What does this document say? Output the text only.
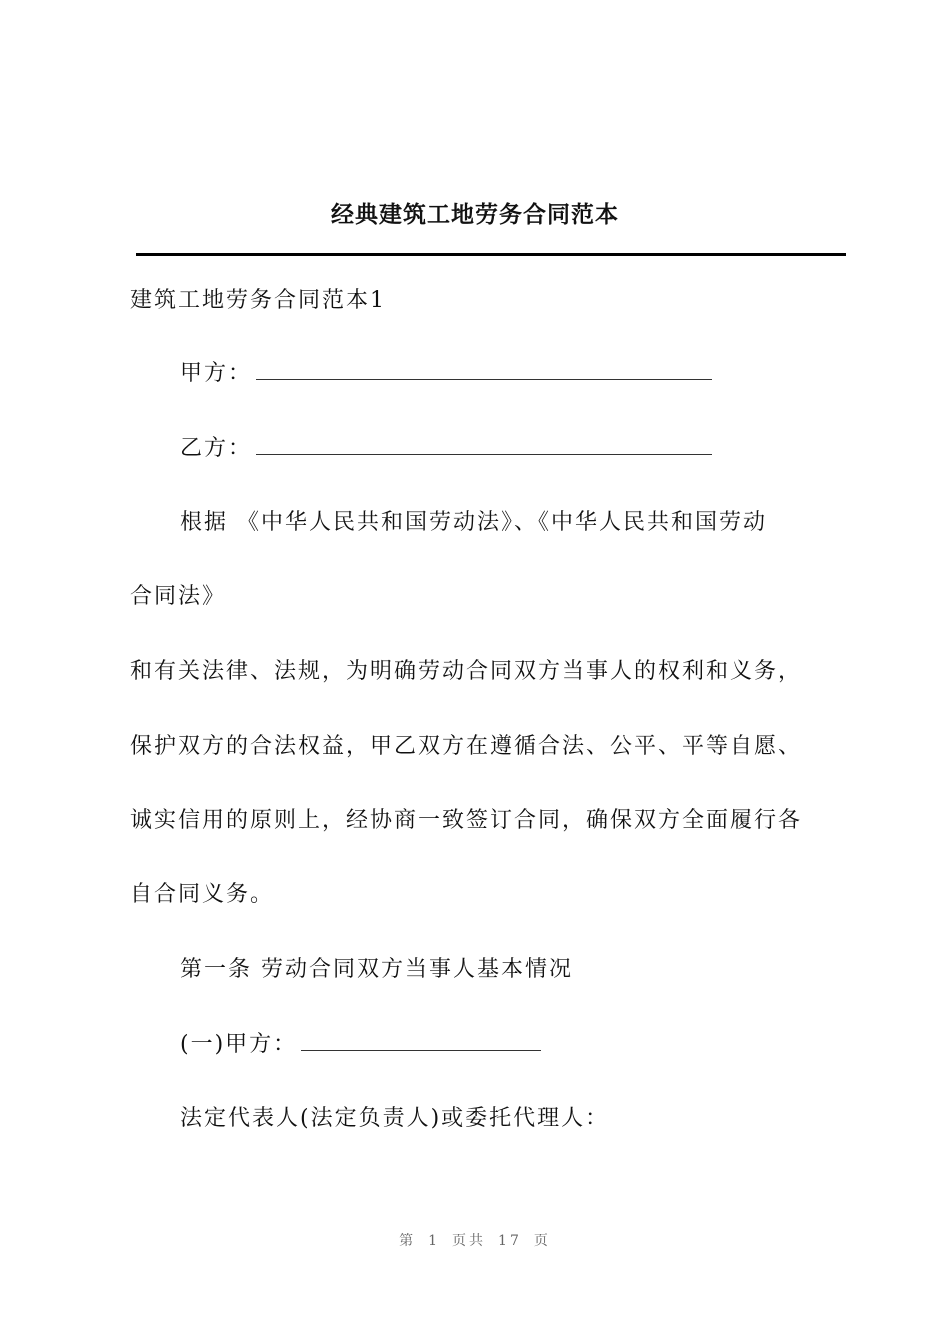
经典建筑工地劳务合同范本
建筑工地劳务合同范本1
甲方：
乙方：
根据 《中华人民共和国劳动法》、《中华人民共和国劳动
合同法》
和有关法律、法规，为明确劳动合同双方当事人的权利和义务，
保护双方的合法权益，甲乙双方在遵循合法、公平、平等自愿、
诚实信用的原则上，经协商一致签订合同，确保双方全面履行各
自合同义务。
第一条 劳动合同双方当事人基本情况
(一)甲方：
法定代表人(法定负责人)或委托代理人：
第 1 页共 17 页
